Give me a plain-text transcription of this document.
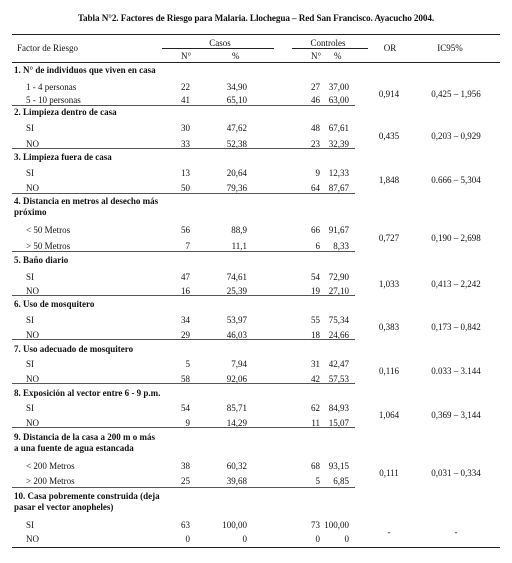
Tabla N°2. Factores de Riesgo para Malaria. Llochegua – Red San Francisco. Ayacucho 2004.
Factor de Riesgo	Casos	Controles	OR	IC95%
N°	%	N° %
1. N° de individuos que viven en casa
1 - 4 personas	22	34,90	27 37,00
5 - 10 personas	41	65,10	46 63,00
0,914	0,425 – 1,956
2. Limpieza dentro de casa
SI	30	47,62	48 67,61
NO	33	52,38	23 32,39
0,435	0,203 – 0,929
3. Limpieza fuera de casa
SI	13	20,64	9 12,33
NO	50	79,36	64 87,67
1,848	0.666 – 5,304
4. Distancia en metros al desecho más
próximo
< 50 Metros	56	88,9	66 91,67
> 50 Metros	7	11,1	6	8,33
0,727	0,190 – 2,698
5. Baño diario
SI	47	74,61	54 72,90
NO	16	25,39	19 27,10
1,033	0,413 – 2,242
6. Uso de mosquitero
SI	34	53,97	55 75,34
NO	29	46,03	18 24,66
0,383	0,173 – 0,842
7. Uso adecuado de mosquitero
SI	5	7,94	31 42,47
NO	58	92,06	42 57,53
0,116	0.033 – 3.144
8. Exposición al vector entre 6 - 9 p.m.
SI	54	85,71	62 84,93
NO	9	14,29	11 15,07
1,064	0,369 – 3,144
9. Distancia de la casa a 200 m o más
a una fuente de agua estancada
< 200 Metros	38	60,32	68 93,15
> 200 Metros	25	39,68	5	6,85
0,111	0,031 – 0,334
10. Casa pobremente construida (deja
pasar el vector anopheles)
SI	63	100,00	73 100,00
NO	0	0	0	0
-	-
